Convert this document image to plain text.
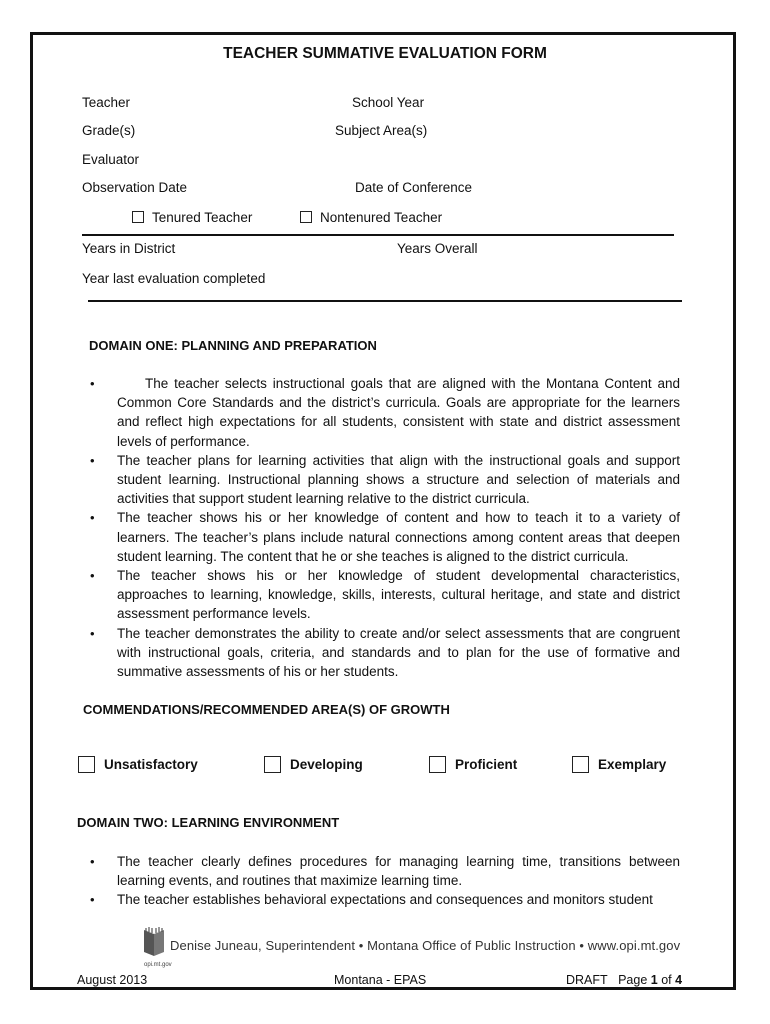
TEACHER SUMMATIVE EVALUATION FORM
Teacher	School Year
Grade(s)	Subject Area(s)
Evaluator
Observation Date	Date of Conference
Tenured Teacher	Nontenured Teacher
Years in District	Years Overall
Year last evaluation completed
DOMAIN ONE: PLANNING AND PREPARATION
• The teacher selects instructional goals that are aligned with the Montana Content and Common Core Standards and the district’s curricula. Goals are appropriate for the learners and reflect high expectations for all students, consistent with state and district assessment levels of performance.
• The teacher plans for learning activities that align with the instructional goals and support student learning. Instructional planning shows a structure and selection of materials and activities that support student learning relative to the district curricula.
• The teacher shows his or her knowledge of content and how to teach it to a variety of learners. The teacher’s plans include natural connections among content areas that deepen student learning. The content that he or she teaches is aligned to the district curricula.
• The teacher shows his or her knowledge of student developmental characteristics, approaches to learning, knowledge, skills, interests, cultural heritage, and state and district assessment performance levels.
• The teacher demonstrates the ability to create and/or select assessments that are congruent with instructional goals, criteria, and standards and to plan for the use of formative and summative assessments of his or her students.
COMMENDATIONS/RECOMMENDED AREA(S) OF GROWTH
Unsatisfactory	Developing	Proficient	Exemplary
DOMAIN TWO: LEARNING ENVIRONMENT
• The teacher clearly defines procedures for managing learning time, transitions between learning events, and routines that maximize learning time.
• The teacher establishes behavioral expectations and consequences and monitors student
opi.mt.gov
Denise Juneau, Superintendent • Montana Office of Public Instruction • www.opi.mt.gov
August 2013	Montana - EPAS	DRAFT Page 1 of 4
